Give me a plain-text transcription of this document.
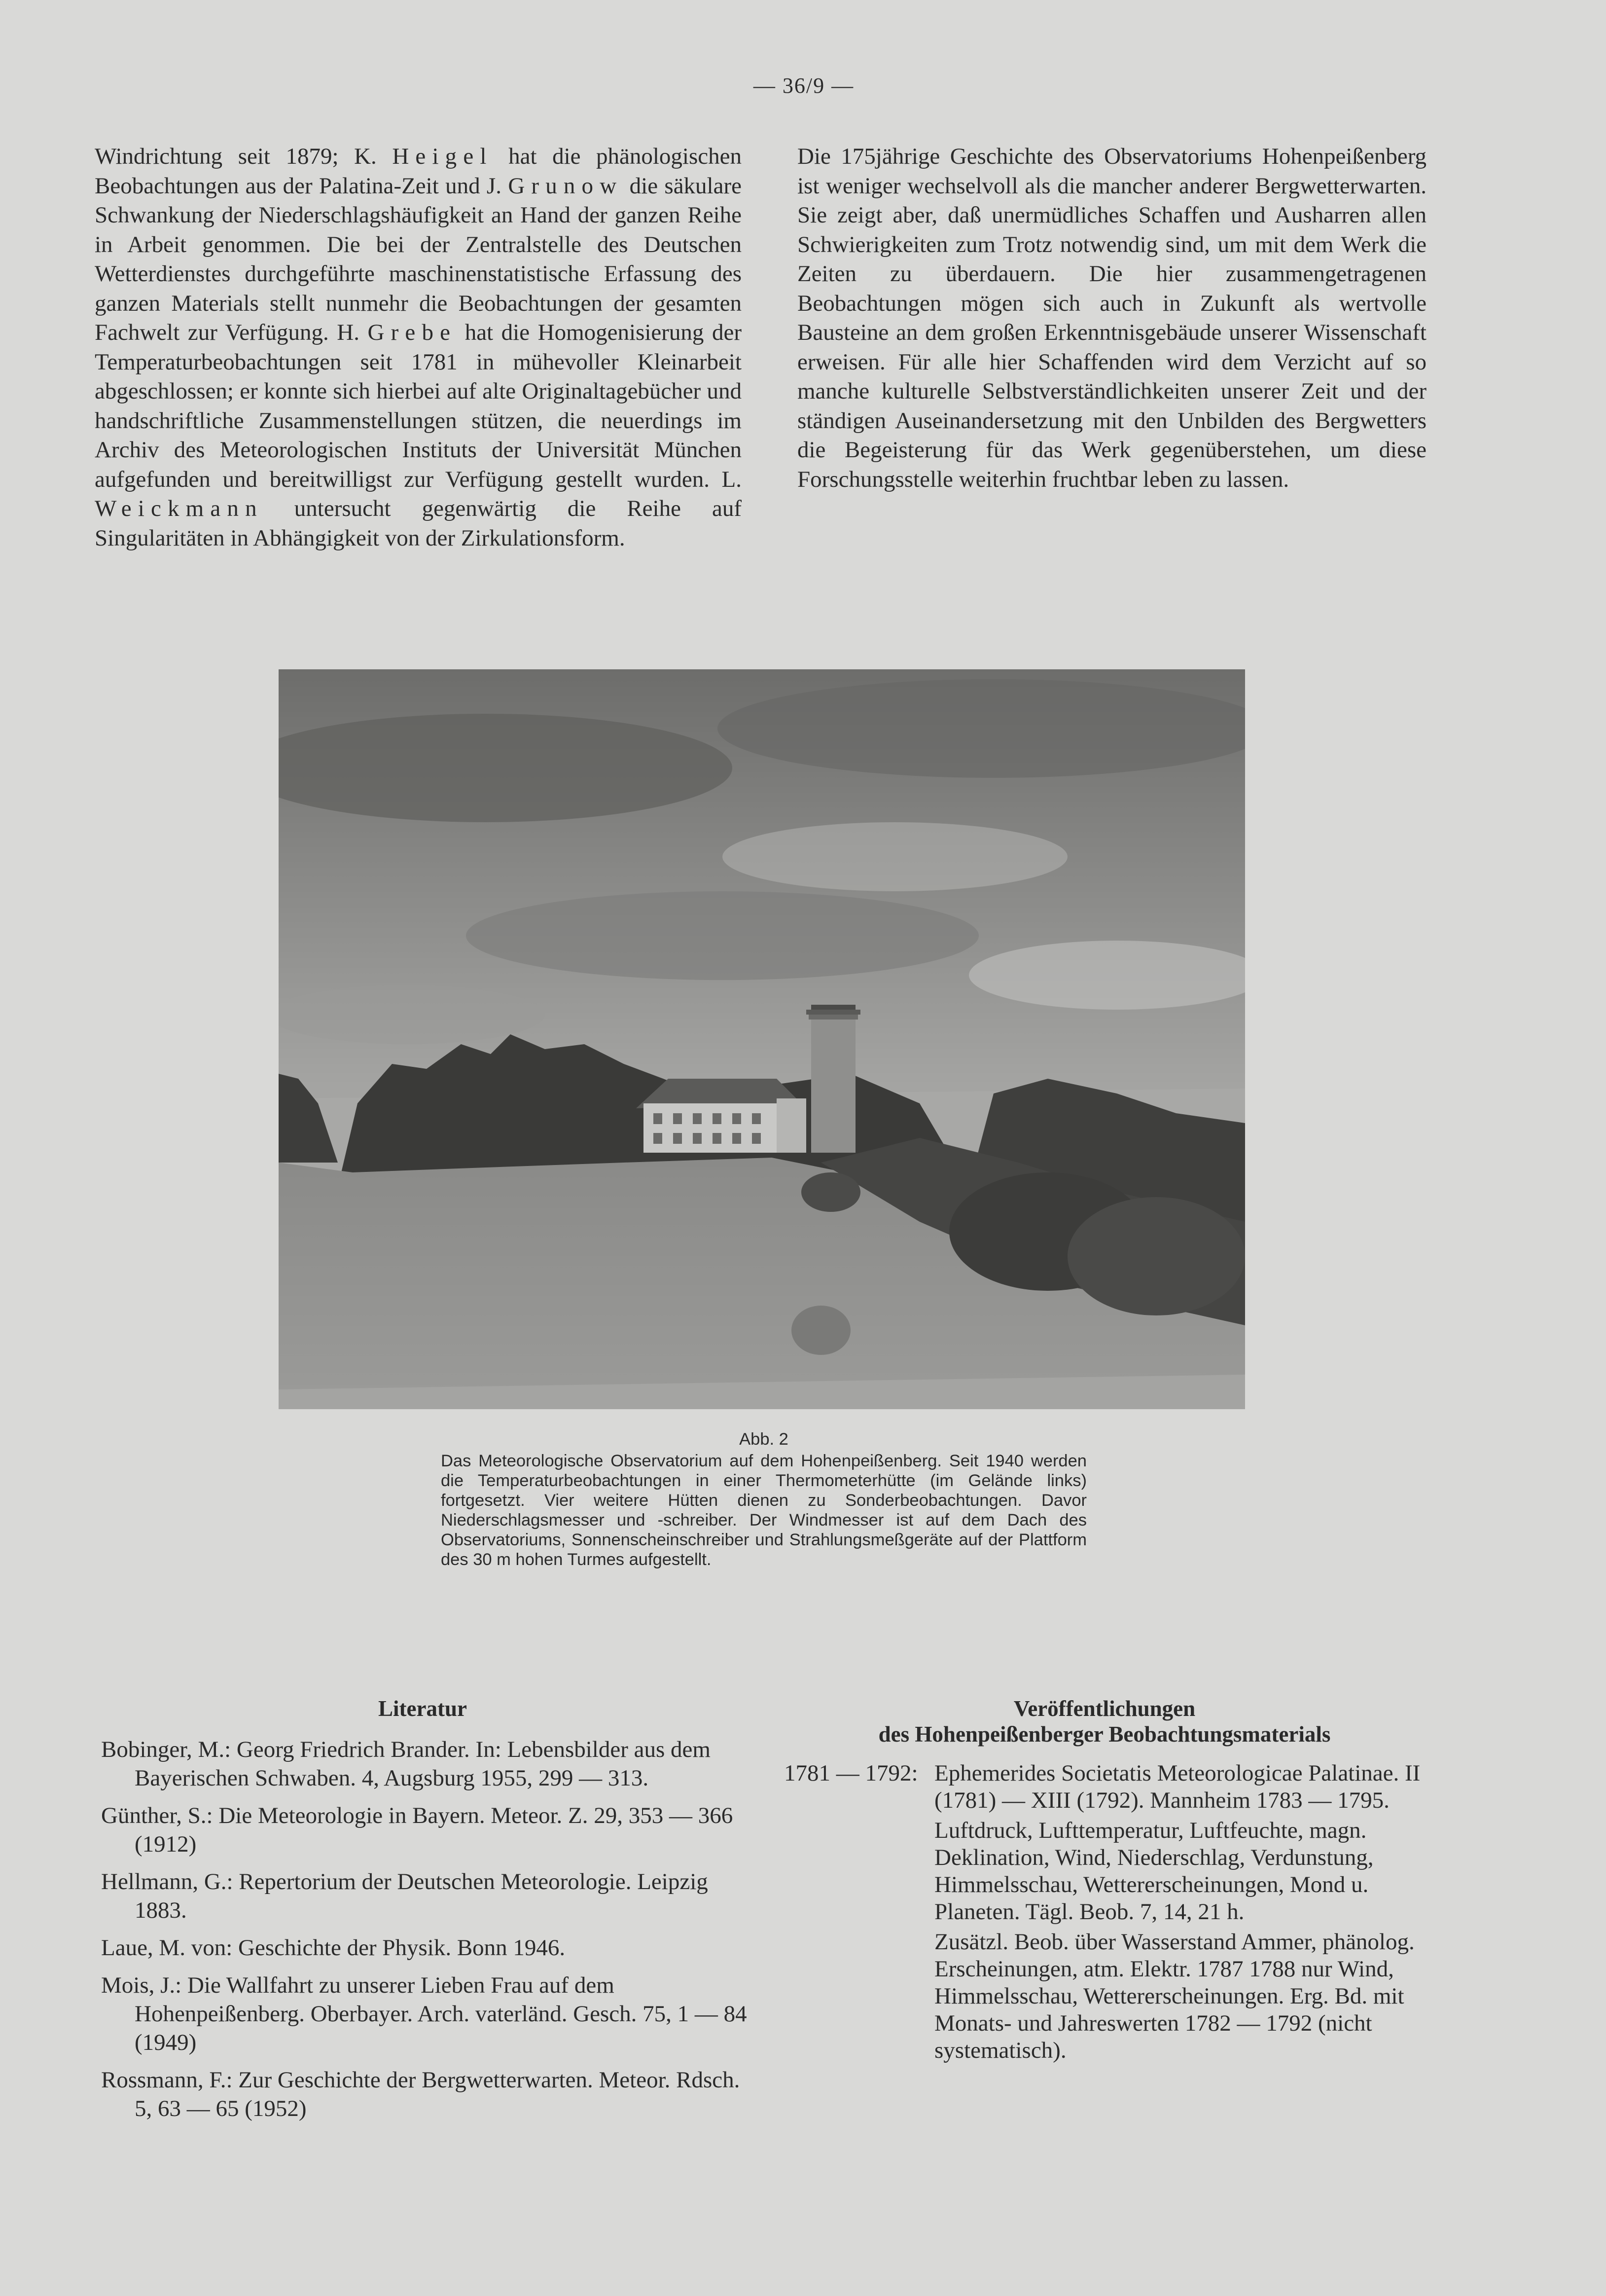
— 36/9 —
Windrichtung seit 1879; K. Heigel hat die phänologischen Beobachtungen aus der Palatina-Zeit und J. Grunow die säkulare Schwankung der Niederschlagshäufigkeit an Hand der ganzen Reihe in Arbeit genommen. Die bei der Zentralstelle des Deutschen Wetterdienstes durchgeführte maschinenstatistische Erfassung des ganzen Materials stellt nunmehr die Beobachtungen der gesamten Fachwelt zur Verfügung. H. Grebe hat die Homogenisierung der Temperaturbeobachtungen seit 1781 in mühevoller Kleinarbeit abgeschlossen; er konnte sich hierbei auf alte Originaltagebücher und handschriftliche Zusammenstellungen stützen, die neuerdings im Archiv des Meteorologischen Instituts der Universität München aufgefunden und bereitwilligst zur Verfügung gestellt wurden. L. Weickmann untersucht gegenwärtig die Reihe auf Singularitäten in Abhängigkeit von der Zirkulationsform.
Die 175jährige Geschichte des Observatoriums Hohenpeißenberg ist weniger wechselvoll als die mancher anderer Bergwetterwarten. Sie zeigt aber, daß unermüdliches Schaffen und Ausharren allen Schwierigkeiten zum Trotz notwendig sind, um mit dem Werk die Zeiten zu überdauern. Die hier zusammengetragenen Beobachtungen mögen sich auch in Zukunft als wertvolle Bausteine an dem großen Erkenntnisgebäude unserer Wissenschaft erweisen. Für alle hier Schaffenden wird dem Verzicht auf so manche kulturelle Selbstverständlichkeiten unserer Zeit und der ständigen Auseinandersetzung mit den Unbilden des Bergwetters die Begeisterung für das Werk gegenüberstehen, um diese Forschungsstelle weiterhin fruchtbar leben zu lassen.
Abb. 2
Das Meteorologische Observatorium auf dem Hohenpeißenberg. Seit 1940 werden die Temperaturbeobachtungen in einer Thermometerhütte (im Gelände links) fortgesetzt. Vier weitere Hütten dienen zu Sonderbeobachtungen. Davor Niederschlagsmesser und -schreiber. Der Windmesser ist auf dem Dach des Observatoriums, Sonnenscheinschreiber und Strahlungsmeßgeräte auf der Plattform des 30 m hohen Turmes aufgestellt.
Literatur
Bobinger, M.: Georg Friedrich Brander. In: Lebensbilder aus dem Bayerischen Schwaben. 4, Augsburg 1955, 299 — 313.
Günther, S.: Die Meteorologie in Bayern. Meteor. Z. 29, 353 — 366 (1912)
Hellmann, G.: Repertorium der Deutschen Meteorologie. Leipzig 1883.
Laue, M. von: Geschichte der Physik. Bonn 1946.
Mois, J.: Die Wallfahrt zu unserer Lieben Frau auf dem Hohenpeißenberg. Oberbayer. Arch. vaterländ. Gesch. 75, 1 — 84 (1949)
Rossmann, F.: Zur Geschichte der Bergwetterwarten. Meteor. Rdsch. 5, 63 — 65 (1952)
Veröffentlichungen
des Hohenpeißenberger Beobachtungsmaterials
1781 — 1792: Ephemerides Societatis Meteorologicae Palatinae. II (1781) — XIII (1792). Mannheim 1783 — 1795.

Luftdruck, Lufttemperatur, Luftfeuchte, magn. Deklination, Wind, Niederschlag, Verdunstung, Himmelsschau, Wettererscheinungen, Mond u. Planeten. Tägl. Beob. 7, 14, 21 h.

Zusätzl. Beob. über Wasserstand Ammer, phänolog. Erscheinungen, atm. Elektr. 1787 1788 nur Wind, Himmelsschau, Wettererscheinungen. Erg. Bd. mit Monats- und Jahreswerten 1782 — 1792 (nicht systematisch).
